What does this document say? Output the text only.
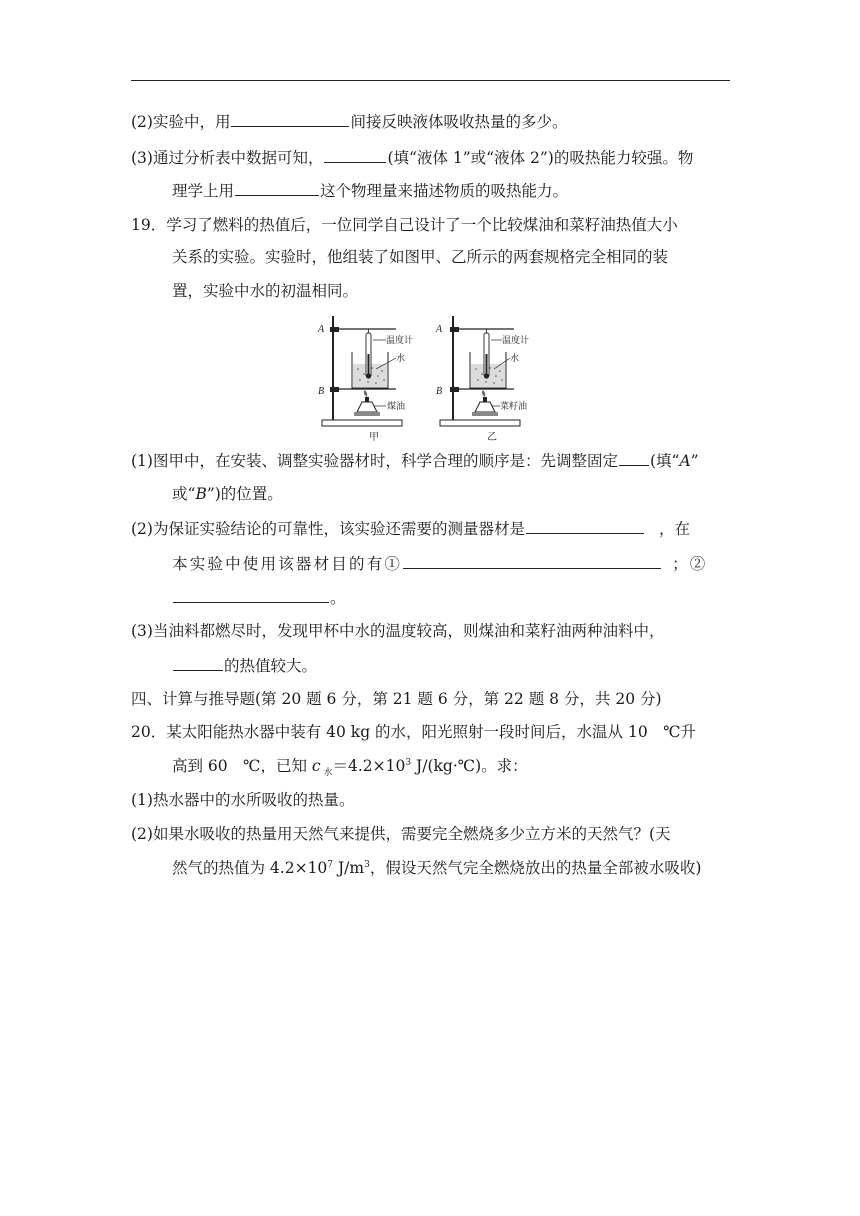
(2)实验中，用	间接反映液体吸收热量的多少。
(3)通过分析表中数据可知，	(填“液体 1”或“液体 2”)的吸热能力较强。物
理学上用	这个物理量来描述物质的吸热能力。
19．学习了燃料的热值后，一位同学自己设计了一个比较煤油和菜籽油热值大小
关系的实验。实验时，他组装了如图甲、乙所示的两套规格完全相同的装
置，实验中水的初温相同。
A
B
温度计
水
煤油
甲
A
B
温度计
水
菜籽油
乙
(1)图甲中，在安装、调整实验器材时，科学合理的顺序是：先调整固定 (填“A”
或“B”)的位置。
(2)为保证实验结论的可靠性，该实验还需要的测量器材是	，在
本实验中使用该器材目的有①	；②
。
(3)当油料都燃尽时，发现甲杯中水的温度较高，则煤油和菜籽油两种油料中，
的热值较大。
四、计算与推导题(第 20 题 6 分，第 21 题 6 分，第 22 题 8 分，共 20 分)
20．某太阳能热水器中装有 40 kg 的水，阳光照射一段时间后，水温从 10　℃升
高到 60　℃，已知 c $_水=4.2\times 10^3$ J/(kg·℃)。求：
(1)热水器中的水所吸收的热量。
(2)如果水吸收的热量用天然气来提供，需要完全燃烧多少立方米的天然气？(天
然气的热值为 $4.2\times 10^7$ $J/m^3$，假设天然气完全燃烧放出的热量全部被水吸收)
